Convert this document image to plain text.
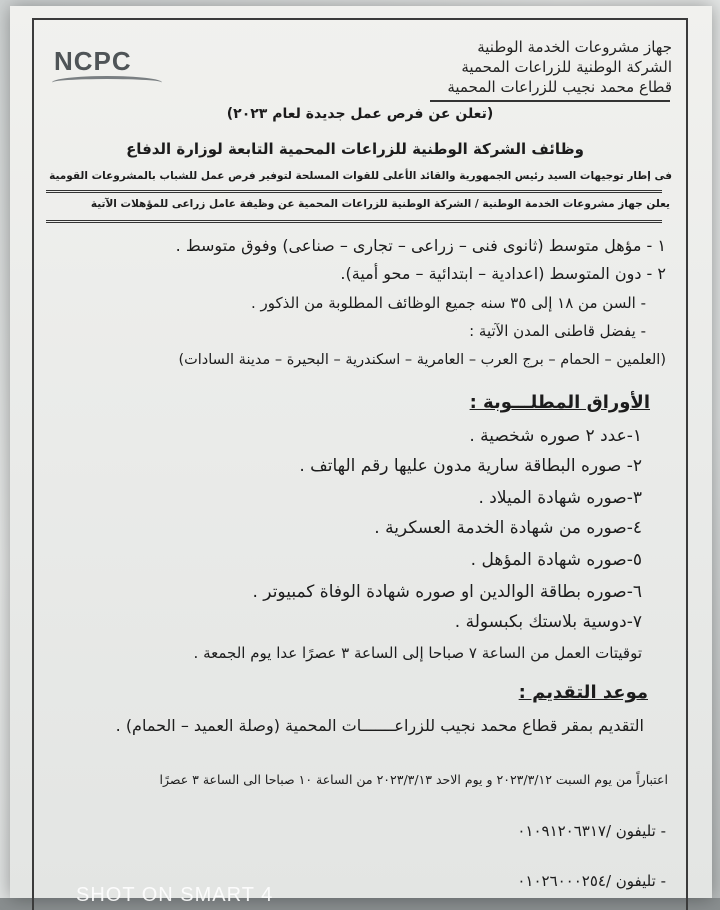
NCPC	جهاز مشروعات الخدمة الوطنية
الشركة الوطنية للزراعات المحمية
قطاع محمد نجيب للزراعات المحمية
(تعلن عن فرص عمل جديدة لعام ٢٠٢٣)
وظائف الشركة الوطنية للزراعات المحمية التابعة لوزارة الدفاع
فى إطار توجيهات السيد رئيس الجمهورية والقائد الأعلى للقوات المسلحة لتوفير فرص عمل للشباب بالمشروعات القومية
يعلن جهاز مشروعات الخدمة الوطنية / الشركة الوطنية للزراعات المحمية عن وظيفة عامل زراعى للمؤهلات الآتية
١ - مؤهل متوسط (ثانوى فنى – زراعى – تجارى – صناعى) وفوق متوسط .
٢ - دون المتوسط (اعدادية – ابتدائية – محو أمية).
- السن من ١٨ إلى ٣٥ سنه جميع الوظائف المطلوبة من الذكور .
- يفضل قاطنى المدن الآتية :
(العلمين – الحمام – برج العرب – العامرية – اسكندرية – البحيرة – مدينة السادات)
الأوراق المطلـــوبة :
١-عدد ٢ صوره شخصية .
٢- صوره البطاقة سارية مدون عليها رقم الهاتف .
٣-صوره شهادة الميلاد .
٤-صوره من شهادة الخدمة العسكرية .
٥-صوره شهادة المؤهل .
٦-صوره بطاقة الوالدين او صوره شهادة الوفاة كمبيوتر .
٧-دوسية بلاستك بكبسولة .
توقيتات العمل من الساعة ٧ صباحا إلى الساعة ٣ عصرًا عدا يوم الجمعة .
موعد التقديم :
التقديم بمقر قطاع محمد نجيب للزراعـــــــات المحمية (وصلة العميد – الحمام) .
اعتباراً من يوم السبت ٢٠٢٣/٣/١٢ و يوم الاحد ٢٠٢٣/٣/١٣ من الساعة ١٠ صباحا الى الساعة ٣ عصرًا
- تليفون /٠١٠٩١٢٠٦٣١٧
- تليفون /٠١٠٢٦٠٠٠٢٥٤
SHOT ON SMART 4
